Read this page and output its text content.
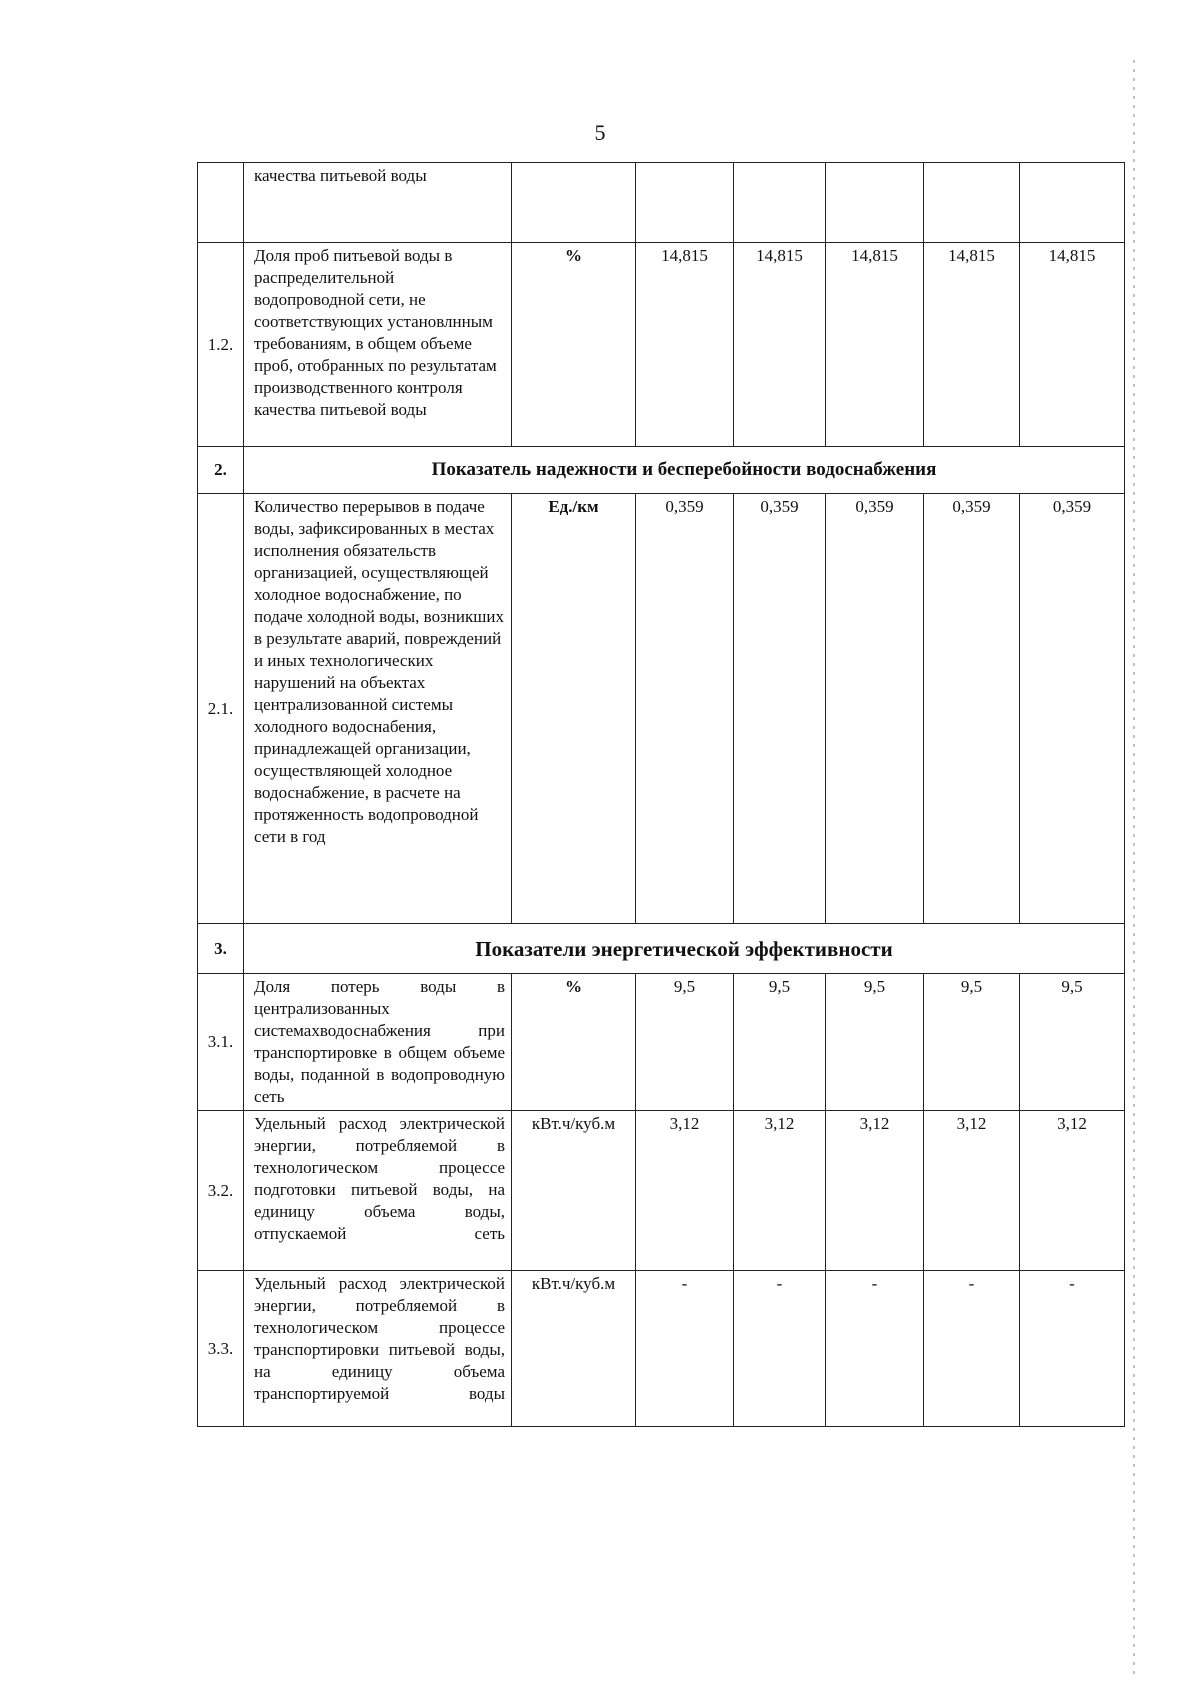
5
	качества питьевой воды						
1.2.	Доля проб питьевой воды в распределительной водопроводной сети, не соответствующих установлнным требованиям, в общем объеме проб, отобранных по результатам производственного контроля качества питьевой воды	%	14,815	14,815	14,815	14,815	14,815
2.	Показатель надежности и бесперебойности водоснабжения						
2.1.	Количество перерывов в подаче воды, зафиксированных в местах исполнения обязательств организацией, осуществляющей холодное водоснабжение, по подаче холодной воды, возникших в результате аварий, повреждений и иных технологических нарушений на объектах централизованной системы холодного водоснабения, принадлежащей организации, осуществляющей холодное водоснабжение, в расчете на протяженность водопроводной сети в год	Ед./км	0,359	0,359	0,359	0,359	0,359
3.	Показатели энергетической эффективности						
3.1.	Доля потерь воды в централизованных системахводоснабжения при транспортировке в общем объеме воды, поданной в водопроводную сеть	%	9,5	9,5	9,5	9,5	9,5
3.2.	Удельный расход электрической энергии, потребляемой в технологическом процессе подготовки питьевой воды, на единицу объема воды, отпускаемой сеть	кВт.ч/куб.м	3,12	3,12	3,12	3,12	3,12
3.3.	Удельный расход электрической энергии, потребляемой в технологическом процессе транспортировки питьевой воды, на единицу объема транспортируемой воды	кВт.ч/куб.м	-	-	-	-	-
